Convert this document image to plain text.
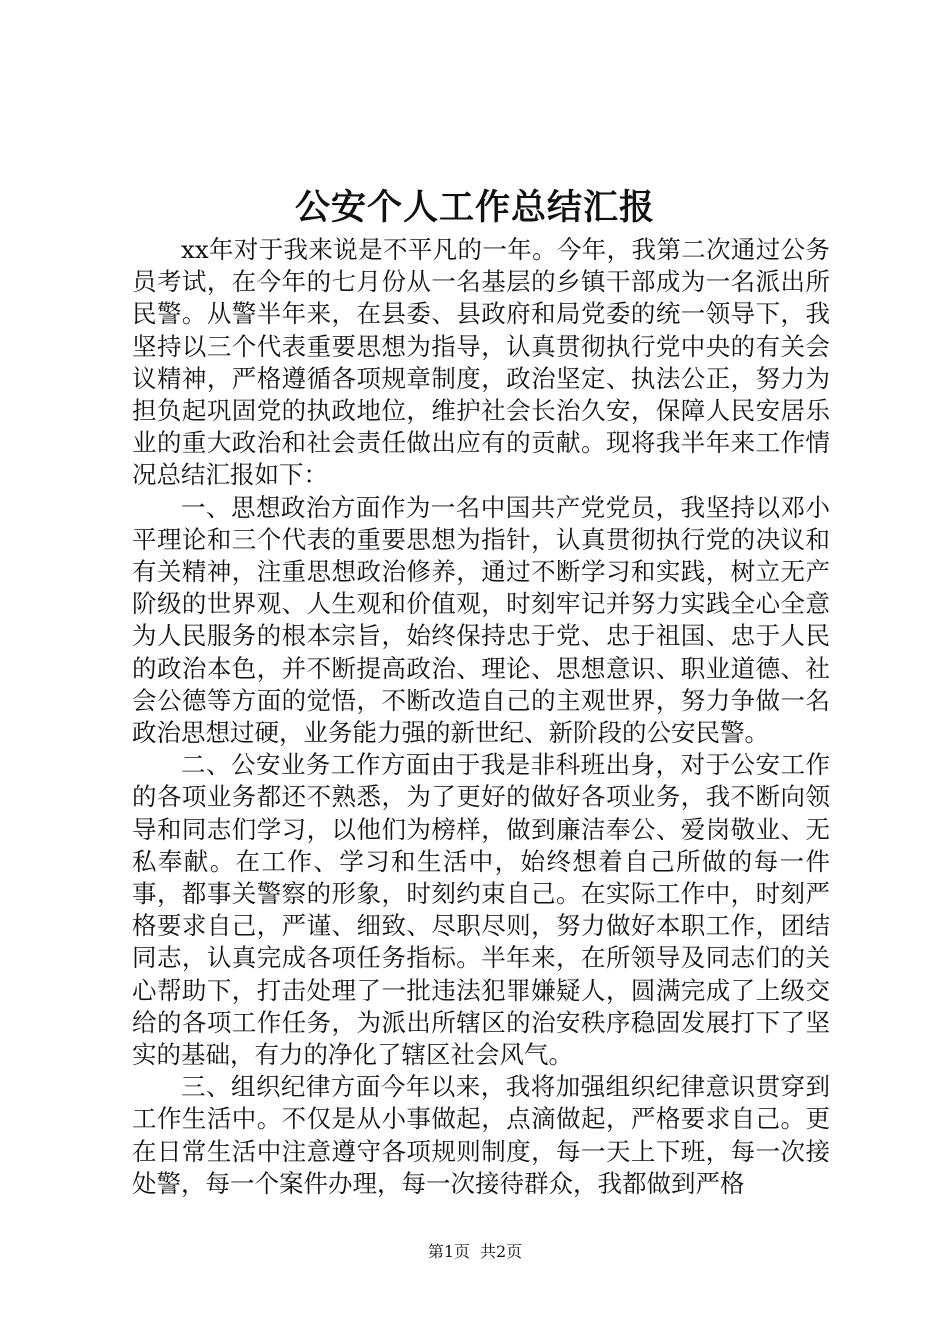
公安个人工作总结汇报

xx年对于我来说是不平凡的一年。今年，我第二次通过公务员考试，在今年的七月份从一名基层的乡镇干部成为一名派出所民警。从警半年来，在县委、县政府和局党委的统一领导下，我坚持以三个代表重要思想为指导，认真贯彻执行党中央的有关会议精神，严格遵循各项规章制度，政治坚定、执法公正，努力为担负起巩固党的执政地位，维护社会长治久安，保障人民安居乐业的重大政治和社会责任做出应有的贡献。现将我半年来工作情况总结汇报如下：

一、思想政治方面作为一名中国共产党党员，我坚持以邓小平理论和三个代表的重要思想为指针，认真贯彻执行党的决议和有关精神，注重思想政治修养，通过不断学习和实践，树立无产阶级的世界观、人生观和价值观，时刻牢记并努力实践全心全意为人民服务的根本宗旨，始终保持忠于党、忠于祖国、忠于人民的政治本色，并不断提高政治、理论、思想意识、职业道德、社会公德等方面的觉悟，不断改造自己的主观世界，努力争做一名政治思想过硬，业务能力强的新世纪、新阶段的公安民警。

二、公安业务工作方面由于我是非科班出身，对于公安工作的各项业务都还不熟悉，为了更好的做好各项业务，我不断向领导和同志们学习，以他们为榜样，做到廉洁奉公、爱岗敬业、无私奉献。在工作、学习和生活中，始终想着自己所做的每一件事，都事关警察的形象，时刻约束自己。在实际工作中，时刻严格要求自己，严谨、细致、尽职尽则，努力做好本职工作，团结同志，认真完成各项任务指标。半年来，在所领导及同志们的关心帮助下，打击处理了一批违法犯罪嫌疑人，圆满完成了上级交给的各项工作任务，为派出所辖区的治安秩序稳固发展打下了坚实的基础，有力的净化了辖区社会风气。

三、组织纪律方面今年以来，我将加强组织纪律意识贯穿到工作生活中。不仅是从小事做起，点滴做起，严格要求自己。更在日常生活中注意遵守各项规则制度，每一天上下班，每一次接处警，每一个案件办理，每一次接待群众，我都做到严格

第1页 共2页
